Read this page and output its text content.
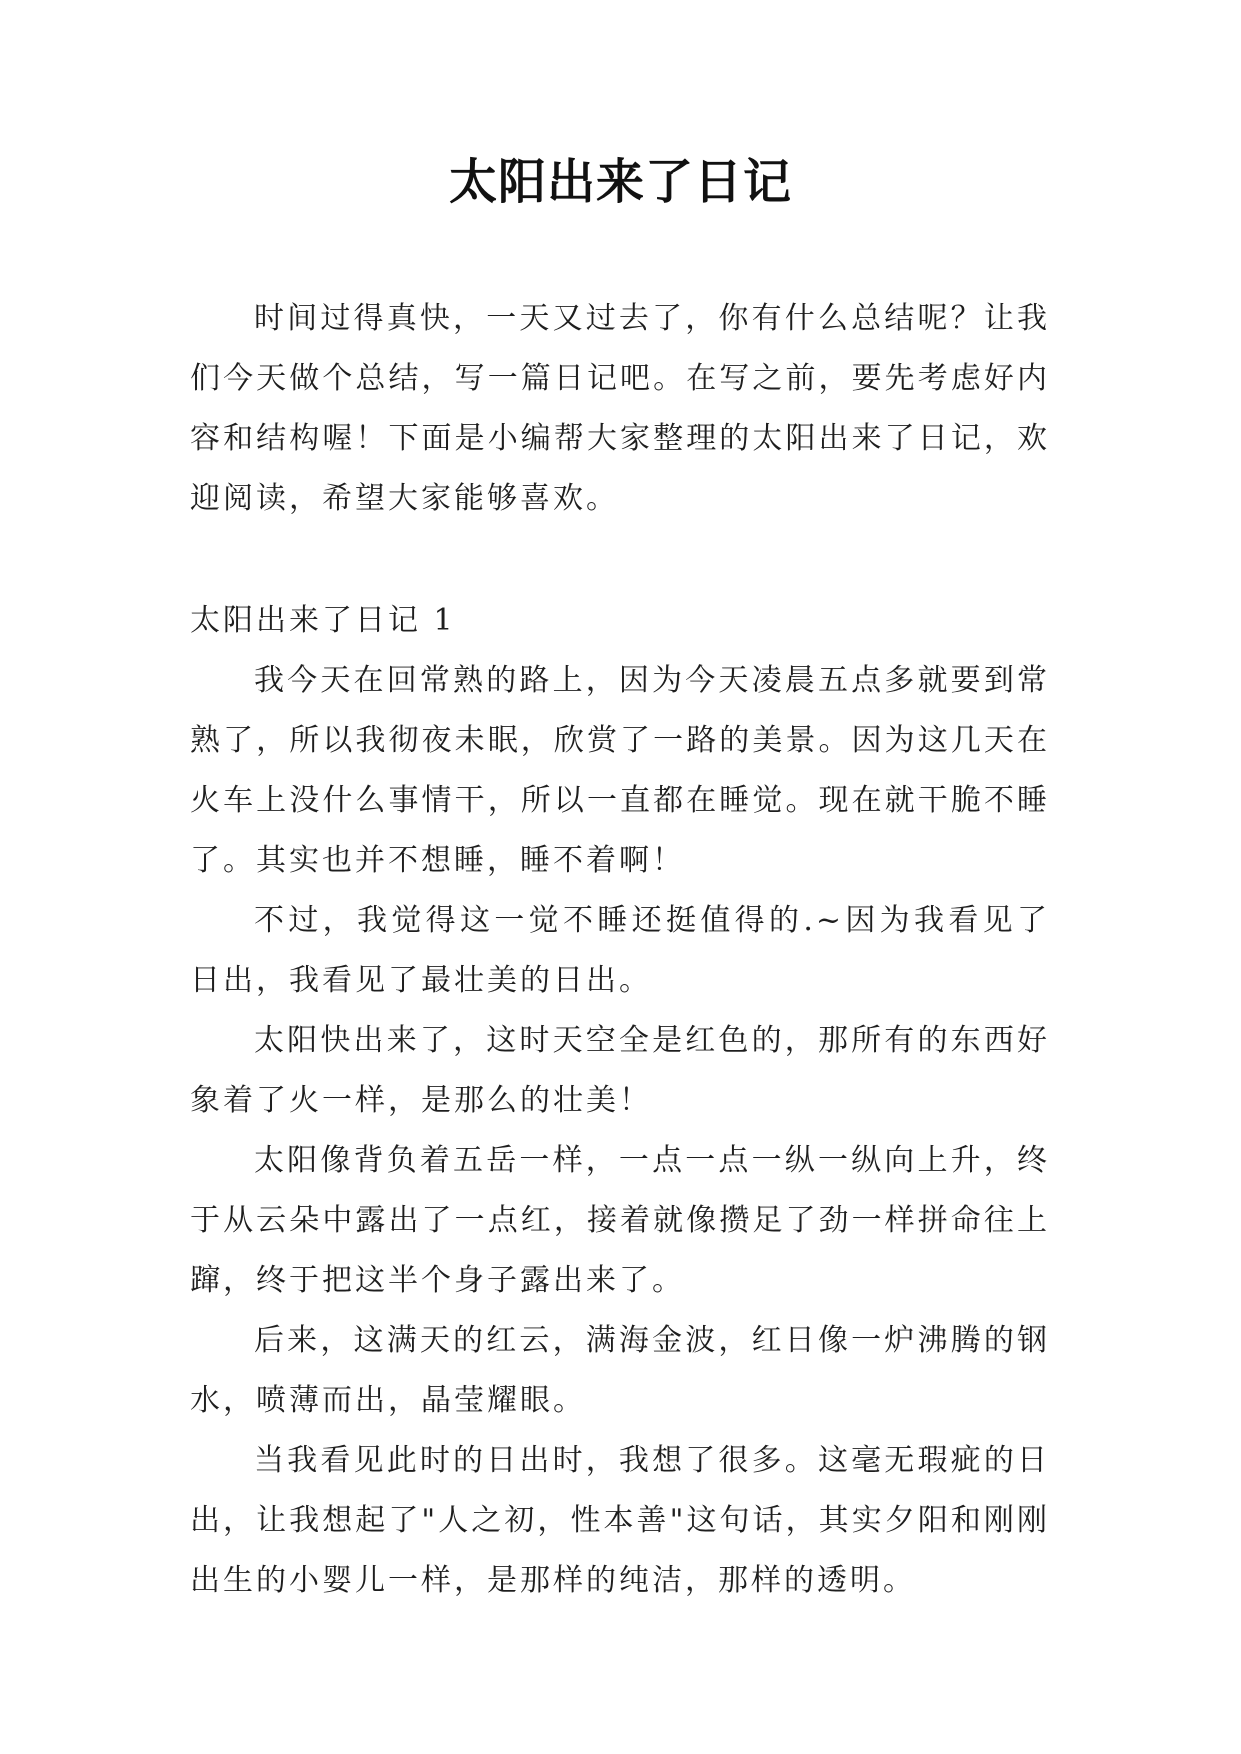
太阳出来了日记

时间过得真快，一天又过去了，你有什么总结呢？让我们今天做个总结，写一篇日记吧。在写之前，要先考虑好内容和结构喔！下面是小编帮大家整理的太阳出来了日记，欢迎阅读，希望大家能够喜欢。

太阳出来了日记 1

我今天在回常熟的路上，因为今天凌晨五点多就要到常熟了，所以我彻夜未眠，欣赏了一路的美景。因为这几天在火车上没什么事情干，所以一直都在睡觉。现在就干脆不睡了。其实也并不想睡，睡不着啊！

不过，我觉得这一觉不睡还挺值得的.~因为我看见了日出，我看见了最壮美的日出。

太阳快出来了，这时天空全是红色的，那所有的东西好象着了火一样，是那么的壮美！

太阳像背负着五岳一样，一点一点一纵一纵向上升，终于从云朵中露出了一点红，接着就像攒足了劲一样拼命往上蹿，终于把这半个身子露出来了。

后来，这满天的红云，满海金波，红日像一炉沸腾的钢水，喷薄而出，晶莹耀眼。

当我看见此时的日出时，我想了很多。这毫无瑕疵的日出，让我想起了"人之初，性本善"这句话，其实夕阳和刚刚出生的小婴儿一样，是那样的纯洁，那样的透明。
